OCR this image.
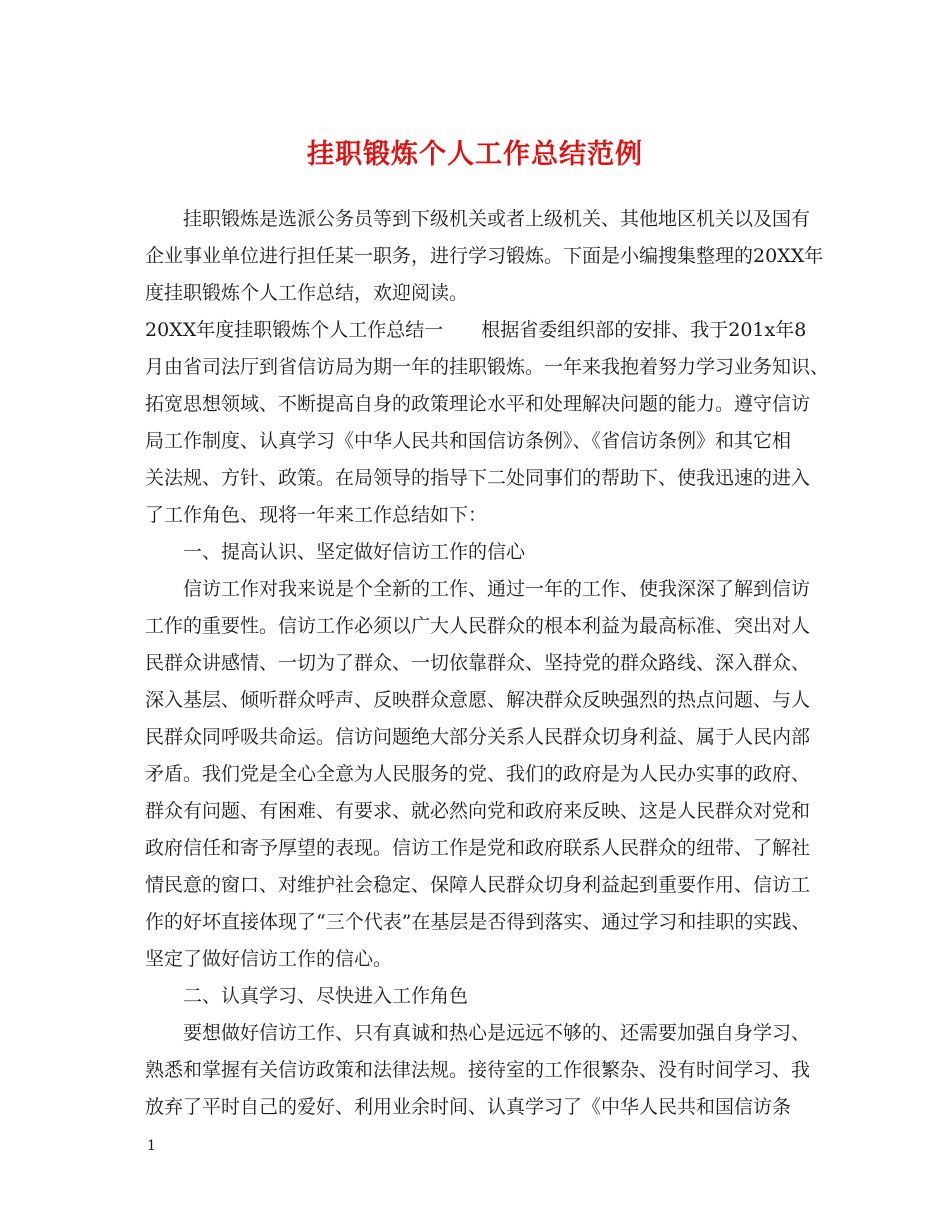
挂职锻炼个人工作总结范例

挂职锻炼是选派公务员等到下级机关或者上级机关、其他地区机关以及国有

企业事业单位进行担任某一职务，进行学习锻炼。下面是小编搜集整理的20XX年

度挂职锻炼个人工作总结，欢迎阅读。

20XX年度挂职锻炼个人工作总结一　　根据省委组织部的安排、我于201x年8

月由省司法厅到省信访局为期一年的挂职锻炼。一年来我抱着努力学习业务知识、

拓宽思想领域、不断提高自身的政策理论水平和处理解决问题的能力。遵守信访

局工作制度、认真学习《中华人民共和国信访条例》、《省信访条例》和其它相

关法规、方针、政策。在局领导的指导下二处同事们的帮助下、使我迅速的进入

了工作角色、现将一年来工作总结如下：

一、提高认识、坚定做好信访工作的信心

信访工作对我来说是个全新的工作、通过一年的工作、使我深深了解到信访

工作的重要性。信访工作必须以广大人民群众的根本利益为最高标准、突出对人

民群众讲感情、一切为了群众、一切依靠群众、坚持党的群众路线、深入群众、

深入基层、倾听群众呼声、反映群众意愿、解决群众反映强烈的热点问题、与人

民群众同呼吸共命运。信访问题绝大部分关系人民群众切身利益、属于人民内部

矛盾。我们党是全心全意为人民服务的党、我们的政府是为人民办实事的政府、

群众有问题、有困难、有要求、就必然向党和政府来反映、这是人民群众对党和

政府信任和寄予厚望的表现。信访工作是党和政府联系人民群众的纽带、了解社

情民意的窗口、对维护社会稳定、保障人民群众切身利益起到重要作用、信访工

作的好坏直接体现了“三个代表”在基层是否得到落实、通过学习和挂职的实践、

坚定了做好信访工作的信心。

二、认真学习、尽快进入工作角色

要想做好信访工作、只有真诚和热心是远远不够的、还需要加强自身学习、

熟悉和掌握有关信访政策和法律法规。接待室的工作很繁杂、没有时间学习、我

放弃了平时自己的爱好、利用业余时间、认真学习了《中华人民共和国信访条

1
